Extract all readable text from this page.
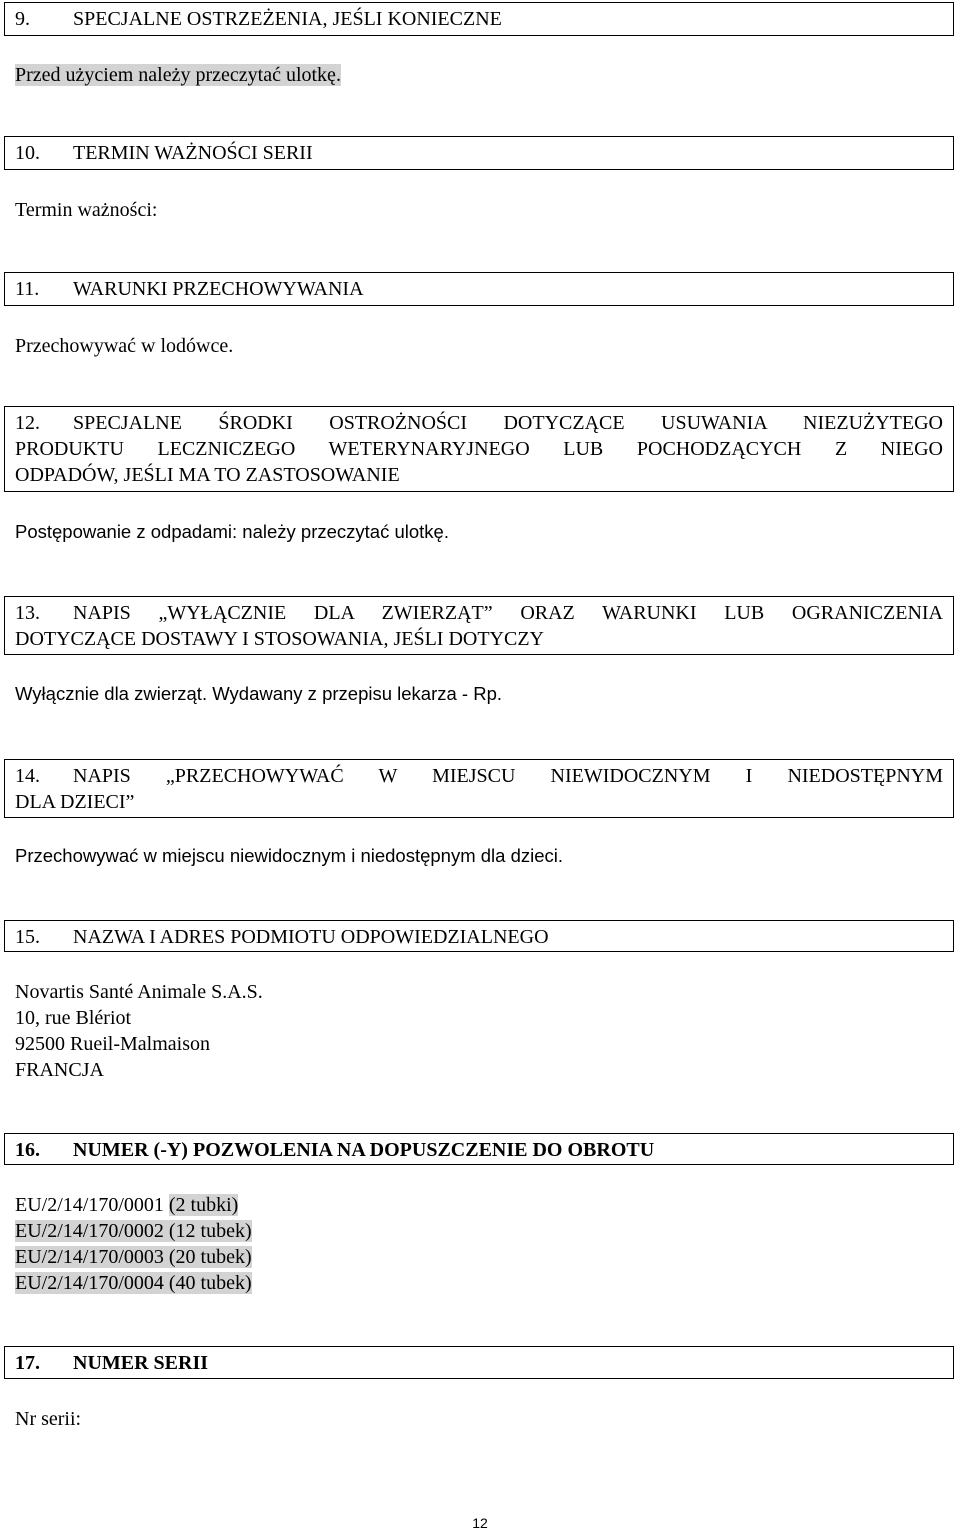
9. SPECJALNE OSTRZEŻENIA, JEŚLI KONIECZNE
Przed użyciem należy przeczytać ulotkę.
10. TERMIN WAŻNOŚCI SERII
Termin ważności:
11. WARUNKI PRZECHOWYWANIA
Przechowywać w lodówce.
12. SPECJALNE ŚRODKI OSTROŻNOŚCI DOTYCZĄCE USUWANIA NIEZUŻYTEGO
PRODUKTU LECZNICZEGO WETERYNARYJNEGO LUB POCHODZĄCYCH Z NIEGO
ODPADÓW, JEŚLI MA TO ZASTOSOWANIE
Postępowanie z odpadami: należy przeczytać ulotkę.
13. NAPIS „WYŁĄCZNIE DLA ZWIERZĄT” ORAZ WARUNKI LUB OGRANICZENIA
DOTYCZĄCE DOSTAWY I STOSOWANIA, JEŚLI DOTYCZY
Wyłącznie dla zwierząt. Wydawany z przepisu lekarza - Rp.
14. NAPIS „PRZECHOWYWAĆ W MIEJSCU NIEWIDOCZNYM I NIEDOSTĘPNYM
DLA DZIECI”
Przechowywać w miejscu niewidocznym i niedostępnym dla dzieci.
15. NAZWA I ADRES PODMIOTU ODPOWIEDZIALNEGO
Novartis Santé Animale S.A.S.
10, rue Blériot
92500 Rueil-Malmaison
FRANCJA
16. NUMER (-Y) POZWOLENIA NA DOPUSZCZENIE DO OBROTU
EU/2/14/170/0001 (2 tubki)
EU/2/14/170/0002 (12 tubek)
EU/2/14/170/0003 (20 tubek)
EU/2/14/170/0004 (40 tubek)
17. NUMER SERII
Nr serii:
12
